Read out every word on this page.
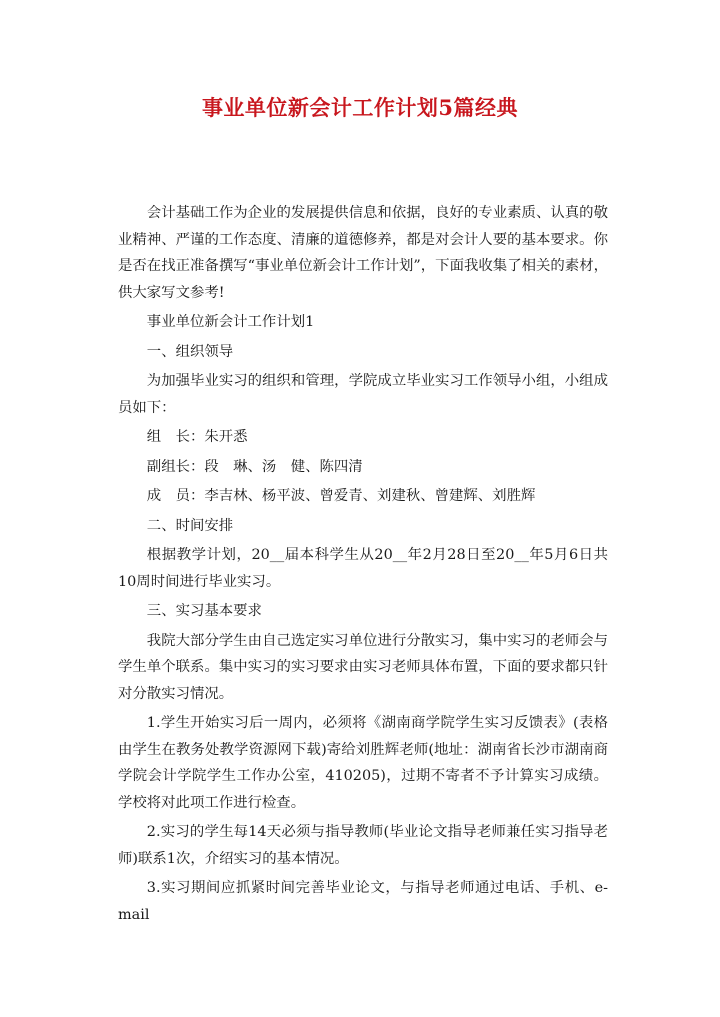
事业单位新会计工作计划5篇经典

会计基础工作为企业的发展提供信息和依据，良好的专业素质、认真的敬业精神、严谨的工作态度、清廉的道德修养，都是对会计人要的基本要求。你是否在找正准备撰写“事业单位新会计工作计划”，下面我收集了相关的素材，供大家写文参考!

事业单位新会计工作计划1

一、组织领导

为加强毕业实习的组织和管理，学院成立毕业实习工作领导小组，小组成员如下：

组　长：朱开悉

副组长：段　琳、汤　健、陈四清

成　员：李吉林、杨平波、曾爱青、刘建秋、曾建辉、刘胜辉

二、时间安排

根据教学计划，20__届本科学生从20__年2月28日至20__年5月6日共10周时间进行毕业实习。

三、实习基本要求

我院大部分学生由自己选定实习单位进行分散实习，集中实习的老师会与学生单个联系。集中实习的实习要求由实习老师具体布置，下面的要求都只针对分散实习情况。

1.学生开始实习后一周内，必须将《湖南商学院学生实习反馈表》(表格由学生在教务处教学资源网下载)寄给刘胜辉老师(地址：湖南省长沙市湖南商学院会计学院学生工作办公室，410205)，过期不寄者不予计算实习成绩。学校将对此项工作进行检查。

2.实习的学生每14天必须与指导教师(毕业论文指导老师兼任实习指导老师)联系1次，介绍实习的基本情况。

3.实习期间应抓紧时间完善毕业论文，与指导老师通过电话、手机、e-mail
